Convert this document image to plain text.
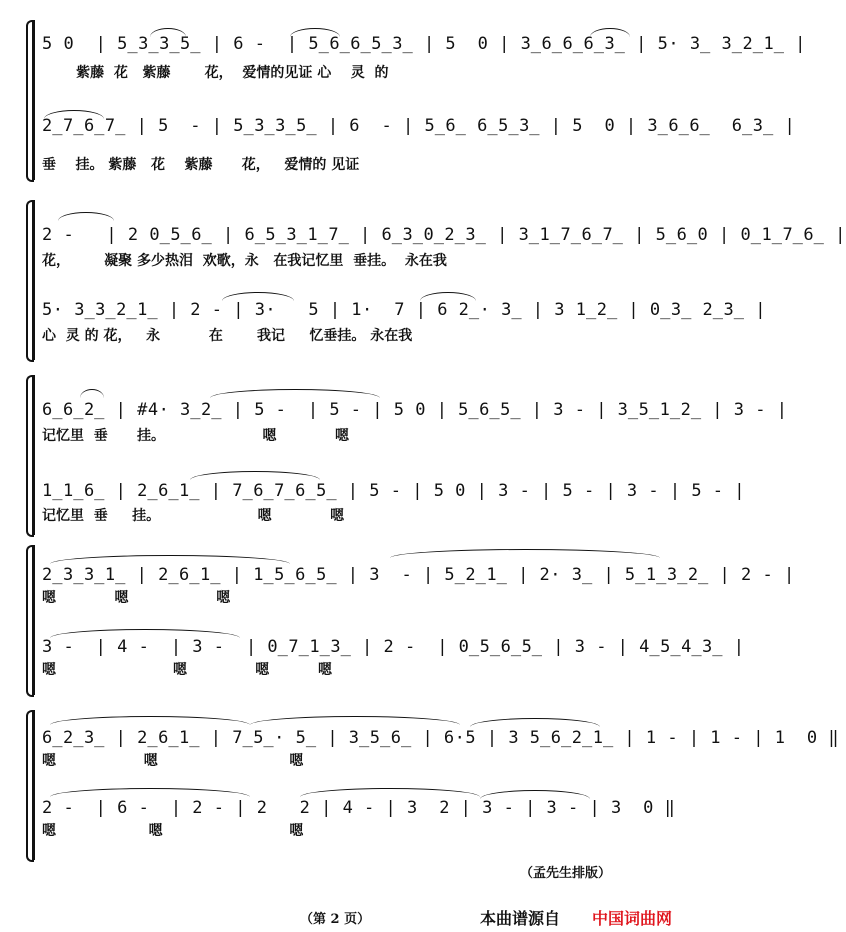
5 0  | 5̲3̲3̲5̲ | 6 -  | 5̲6̲6̲5̲3̲ | 5  0 | 3̲6̲6̲6̲3̲ | 5· 3̲ 3̲2̲1̲ |
紫藤  花   紫藤       花，  爱情的见证 心    灵  的
2̲7̲6̲7̲ | 5  - | 5̲3̲3̲5̲ | 6  - | 5̲6̲ 6̲5̲3̲ | 5  0 | 3̲6̲6̲  6̲3̲ |
垂    挂。 紫藤   花    紫藤      花，   爱情的 见证
2 -   | 2 0̲5̲6̲ | 6̲5̲3̲1̲7̲ | 6̲3̲0̲2̲3̲ | 3̲1̲7̲6̲7̲ | 5̲6̲0 | 0̲1̲7̲6̲ |
花，       凝聚 多少热泪  欢歌，永   在我记忆里  垂挂。  永在我
5· 3̲3̲2̲1̲ | 2 - | 3·   5 | 1·  7 | 6 2̲· 3̲ | 3 1̲2̲ | 0̲3̲ 2̲3̲ |
心  灵 的 花，   永          在       我记     忆垂挂。 永在我
6̲6̲2̲ | #4· 3̲2̲ | 5 -  | 5 - | 5 0 | 5̲6̲5̲ | 3 - | 3̲5̲1̲2̲ | 3 - |
记忆里  垂      挂。                    嗯            嗯
1̲1̲6̲ | 2̲6̲1̲ | 7̲6̲7̲6̲5̲ | 5 - | 5 0 | 3 - | 5 - | 3 - | 5 - |
记忆里  垂     挂。                    嗯            嗯
2̲3̲3̲1̲ | 2̲6̲1̲ | 1̲5̲6̲5̲ | 3  - | 5̲2̲1̲ | 2· 3̲ | 5̲1̲3̲2̲ | 2 - |
嗯            嗯                  嗯
3 -  | 4 -  | 3 -  | 0̲7̲1̲3̲ | 2 -  | 0̲5̲6̲5̲ | 3 - | 4̲5̲4̲3̲ |
嗯                        嗯              嗯          嗯
6̲2̲3̲ | 2̲6̲1̲ | 7̲5̲· 5̲ | 3̲5̲6̲ | 6·5 | 3 5̲6̲2̲1̲ | 1 - | 1 - | 1  0 ‖
嗯                  嗯                           嗯
2 -  | 6 -  | 2 - | 2   2 | 4 - | 3  2 | 3 - | 3 - | 3  0 ‖
嗯                   嗯                          嗯
（孟先生排版）
（第 2 页）	本曲谱源自 中国词曲网
